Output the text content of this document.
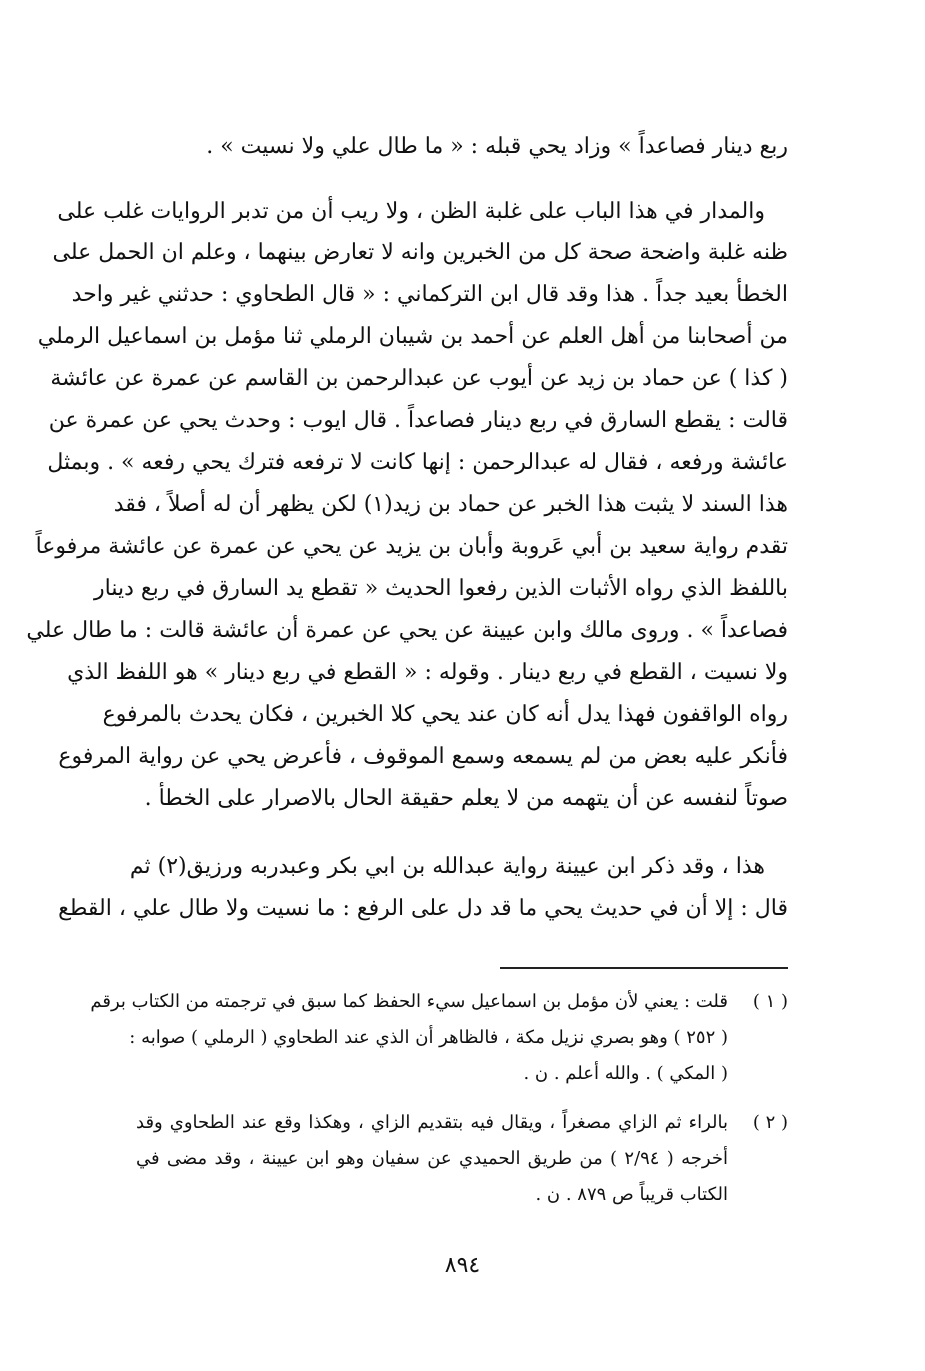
ربع دينار فصاعداً » وزاد يحي قبله : « ما طال علي ولا نسيت » .
والمدار في هذا الباب على غلبة الظن ، ولا ريب أن من تدبر الروايات غلب على
ظنه غلبة واضحة صحة كل من الخبرين وانه لا تعارض بينهما ، وعلم ان الحمل على
الخطأ بعيد جداً . هذا وقد قال ابن التركماني : « قال الطحاوي : حدثني غير واحد
من أصحابنا من أهل العلم عن أحمد بن شيبان الرملي ثنا مؤمل بن اسماعيل الرملي
( كذا ) عن حماد بن زيد عن أيوب عن عبدالرحمن بن القاسم عن عمرة عن عائشة
قالت : يقطع السارق في ربع دينار فصاعداً . قال ايوب : وحدث يحي عن عمرة عن
عائشة ورفعه ، فقال له عبدالرحمن : إنها كانت لا ترفعه فترك يحي رفعه » . وبمثل
هذا السند لا يثبت هذا الخبر عن حماد بن زيد(١) لكن يظهر أن له أصلاً ، فقد
تقدم رواية سعيد بن أبي عَروبة وأبان بن يزيد عن يحي عن عمرة عن عائشة مرفوعاً
باللفظ الذي رواه الأثبات الذين رفعوا الحديث « تقطع يد السارق في ربع دينار
فصاعداً » . وروى مالك وابن عيينة عن يحي عن عمرة أن عائشة قالت : ما طال علي
ولا نسيت ، القطع في ربع دينار . وقوله : « القطع في ربع دينار » هو اللفظ الذي
رواه الواقفون فهذا يدل أنه كان عند يحي كلا الخبرين ، فكان يحدث بالمرفوع
فأنكر عليه بعض من لم يسمعه وسمع الموقوف ، فأعرض يحي عن رواية المرفوع
صوتاً لنفسه عن أن يتهمه من لا يعلم حقيقة الحال بالاصرار على الخطأ .
هذا ، وقد ذكر ابن عيينة رواية عبدالله بن ابي بكر وعبدربه ورزيق(٢) ثم
قال : إلا أن في حديث يحي ما قد دل على الرفع : ما نسيت ولا طال علي ، القطع
( ١ )
قلت : يعني لأن مؤمل بن اسماعيل سيء الحفظ كما سبق في ترجمته من الكتاب برقم
( ٢٥٢ ) وهو بصري نزيل مكة ، فالظاهر أن الذي عند الطحاوي ( الرملي ) صوابه :
( المكي ) . والله أعلم . ن .
( ٢ )
بالراء ثم الزاي مصغراً ، ويقال فيه بتقديم الزاي ، وهكذا وقع عند الطحاوي وقد
أخرجه ( ٢/٩٤ ) من طريق الحميدي عن سفيان وهو ابن عيينة ، وقد مضى في
الكتاب قريباً ص ٨٧٩ . ن .
٨٩٤
